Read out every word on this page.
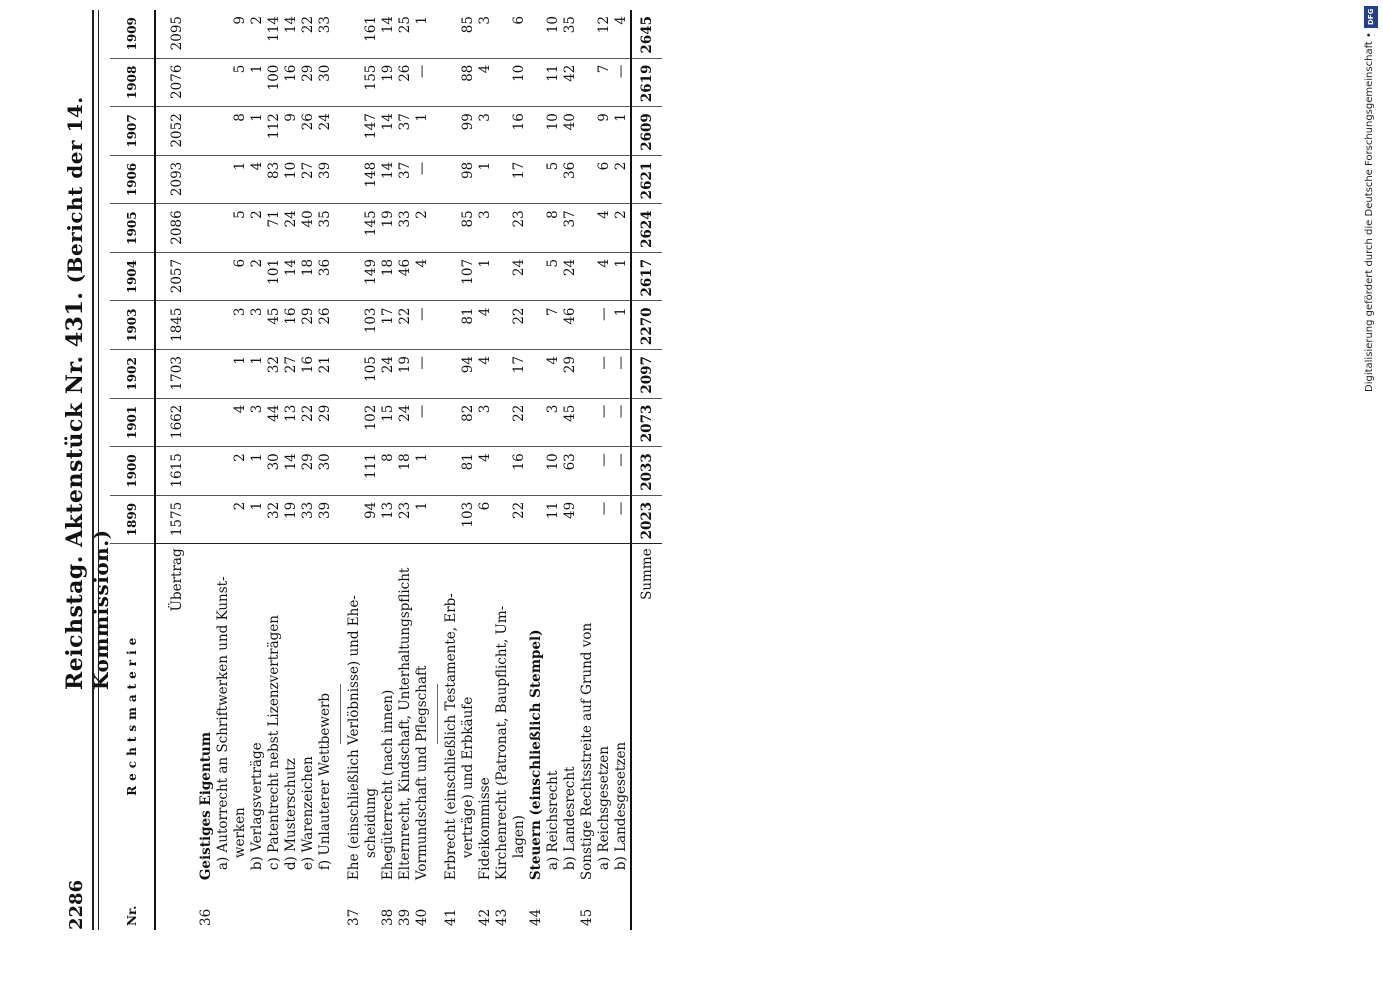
2286
Reichstag. Aktenstück Nr. 431. (Bericht der 14. Kommission.)
Nr.	Rechtsmaterie	1899	1900	1901	1902	1903	1904	1905	1906	1907	1908	1909
	Übertrag	1575	1615	1662	1703	1845	2057	2086	2093	2052	2076	2095
36	Geistiges Eigentum											
	a) Autorrecht an Schriftwerken und Kunst-											
	werken	2	2	4	1	3	6	5	1	8	5	9
	b) Verlagsverträge	1	1	3	1	3	2	2	4	1	1	2
	c) Patentrecht nebst Lizenzverträgen	32	30	44	32	45	101	71	83	112	100	114
	d) Musterschutz	19	14	13	27	16	14	24	10	9	16	14
	e) Warenzeichen	33	29	22	16	29	18	40	27	26	29	22
	f) Unlauterer Wettbewerb	39	30	29	21	26	36	35	39	24	30	33

37	Ehe (einschließlich Verlöbnisse) und Ehe-											
	scheidung	94	111	102	105	103	149	145	148	147	155	161
38	Ehegüterrecht (nach innen)	13	8	15	24	17	18	19	14	14	19	14
39	Elternrecht, Kindschaft, Unterhaltungspflicht	23	18	24	19	22	46	33	37	37	26	25
40	Vormundschaft und Pflegschaft	1	1	—	—	—	4	2	—	1	—	1

41	Erbrecht (einschließlich Testamente, Erb-											
	verträge) und Erbkäufe	103	81	82	94	81	107	85	98	99	88	85
42	Fideikommisse	6	4	3	4	4	1	3	1	3	4	3
43	Kirchenrecht (Patronat, Baupflicht, Um-											
	lagen)	22	16	22	17	22	24	23	17	16	10	6
44	Steuern (einschließlich Stempel)											
	a) Reichsrecht	11	10	3	4	7	5	8	5	10	11	10
	b) Landesrecht	49	63	45	29	46	24	37	36	40	42	35
45	Sonstige Rechtsstreite auf Grund von											
	a) Reichsgesetzen	—	—	—	—	—	4	4	6	9	7	12
	b) Landesgesetzen	—	—	—	—	1	1	2	2	1	—	4
	Summe	2023	2033	2073	2097	2270	2617	2624	2621	2609	2619	2645	DFG
Digitalisierung gefördert durch die Deutsche Forschungsgemeinschaft •
